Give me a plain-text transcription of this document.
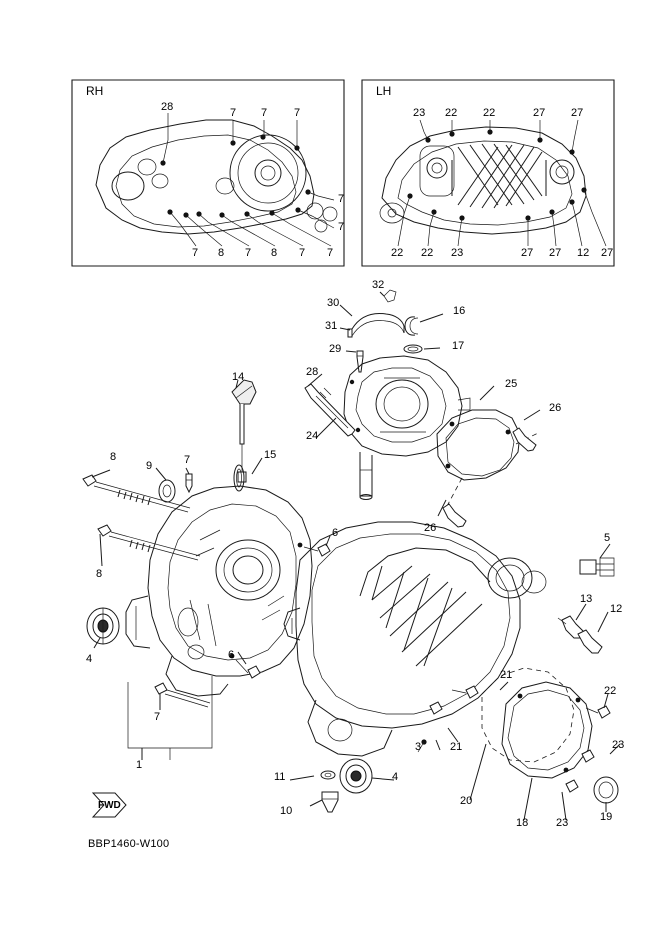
RH	LH
28	7 7 7
7
7
7 8 7 8 7 7
23 22 22	27 27
22 22 23	27 27 12 27
32
30
16
31
17
29
28
14
25
26
24
26
8
9	7	15
5
6
8
13
12
4	6
7
1
21
22
3	21	23
11	4
20
18	23	19
10
FWD
BBP1460-W100
